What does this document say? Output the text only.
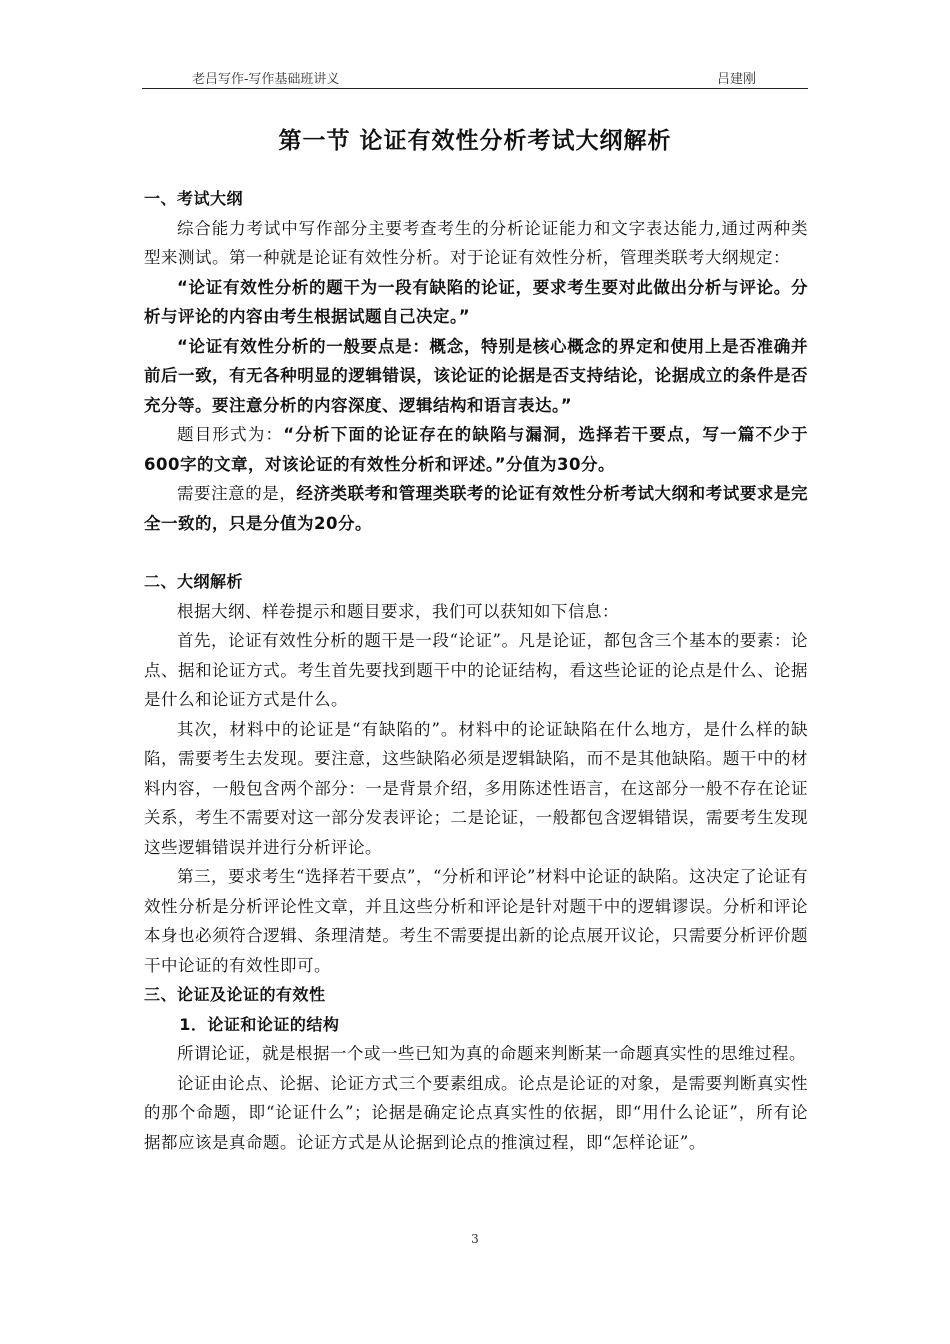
老吕写作-写作基础班讲义	吕建刚
第一节 论证有效性分析考试大纲解析

一、考试大纲

综合能力考试中写作部分主要考查考生的分析论证能力和文字表达能力,通过两种类型来测试。第一种就是论证有效性分析。对于论证有效性分析，管理类联考大纲规定：

“论证有效性分析的题干为一段有缺陷的论证，要求考生要对此做出分析与评论。分析与评论的内容由考生根据试题自己决定。”

“论证有效性分析的一般要点是：概念，特别是核心概念的界定和使用上是否准确并前后一致，有无各种明显的逻辑错误，该论证的论据是否支持结论，论据成立的条件是否充分等。要注意分析的内容深度、逻辑结构和语言表达。”

题目形式为：“分析下面的论证存在的缺陷与漏洞，选择若干要点，写一篇不少于600字的文章，对该论证的有效性分析和评述。”分值为30分。

需要注意的是，经济类联考和管理类联考的论证有效性分析考试大纲和考试要求是完全一致的，只是分值为20分。

二、大纲解析

根据大纲、样卷提示和题目要求，我们可以获知如下信息：

首先，论证有效性分析的题干是一段“论证”。凡是论证，都包含三个基本的要素：论点、据和论证方式。考生首先要找到题干中的论证结构，看这些论证的论点是什么、论据是什么和论证方式是什么。

其次，材料中的论证是“有缺陷的”。材料中的论证缺陷在什么地方，是什么样的缺陷，需要考生去发现。要注意，这些缺陷必须是逻辑缺陷，而不是其他缺陷。题干中的材料内容，一般包含两个部分：一是背景介绍，多用陈述性语言，在这部分一般不存在论证关系，考生不需要对这一部分发表评论；二是论证，一般都包含逻辑错误，需要考生发现这些逻辑错误并进行分析评论。

第三，要求考生“选择若干要点”，“分析和评论”材料中论证的缺陷。这决定了论证有效性分析是分析评论性文章，并且这些分析和评论是针对题干中的逻辑谬误。分析和评论本身也必须符合逻辑、条理清楚。考生不需要提出新的论点展开议论，只需要分析评价题干中论证的有效性即可。

三、论证及论证的有效性

1．论证和论证的结构

所谓论证，就是根据一个或一些已知为真的命题来判断某一命题真实性的思维过程。

论证由论点、论据、论证方式三个要素组成。论点是论证的对象，是需要判断真实性的那个命题，即“论证什么”；论据是确定论点真实性的依据，即“用什么论证”，所有论据都应该是真命题。论证方式是从论据到论点的推演过程，即“怎样论证”。

3
